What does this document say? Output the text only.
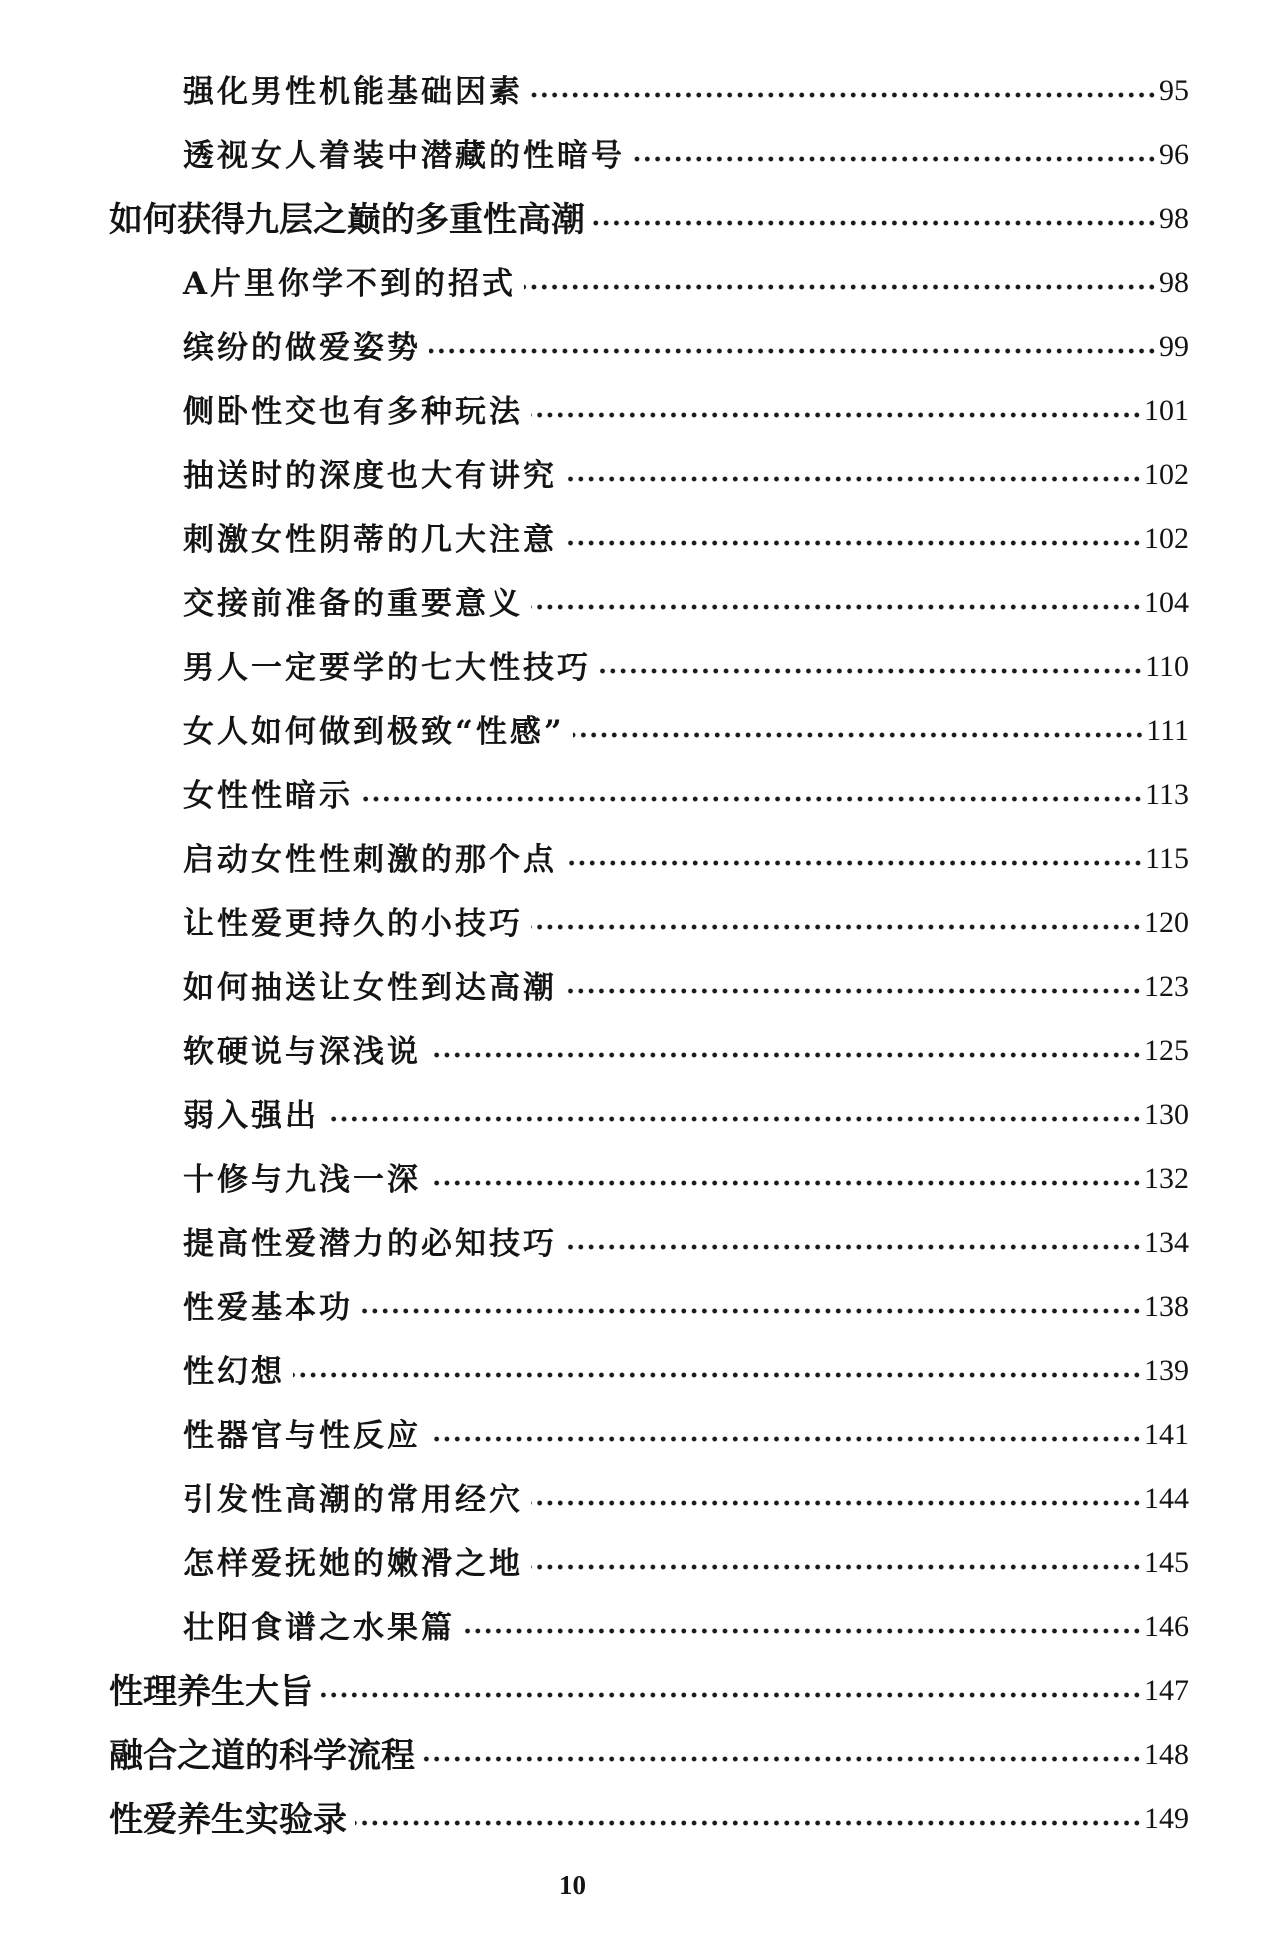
强化男性机能基础因素	95
透视女人着装中潜藏的性暗号	96
如何获得九层之巅的多重性高潮	98
A片里你学不到的招式	98
缤纷的做爱姿势	99
侧卧性交也有多种玩法	101
抽送时的深度也大有讲究	102
刺激女性阴蒂的几大注意	102
交接前准备的重要意义	104
男人一定要学的七大性技巧	110
女人如何做到极致“性感”	111
女性性暗示	113
启动女性性刺激的那个点	115
让性爱更持久的小技巧	120
如何抽送让女性到达高潮	123
软硬说与深浅说	125
弱入强出	130
十修与九浅一深	132
提高性爱潜力的必知技巧	134
性爱基本功	138
性幻想	139
性器官与性反应	141
引发性高潮的常用经穴	144
怎样爱抚她的嫩滑之地	145
壮阳食谱之水果篇	146
性理养生大旨	147
融合之道的科学流程	148
性爱养生实验录	149
10
